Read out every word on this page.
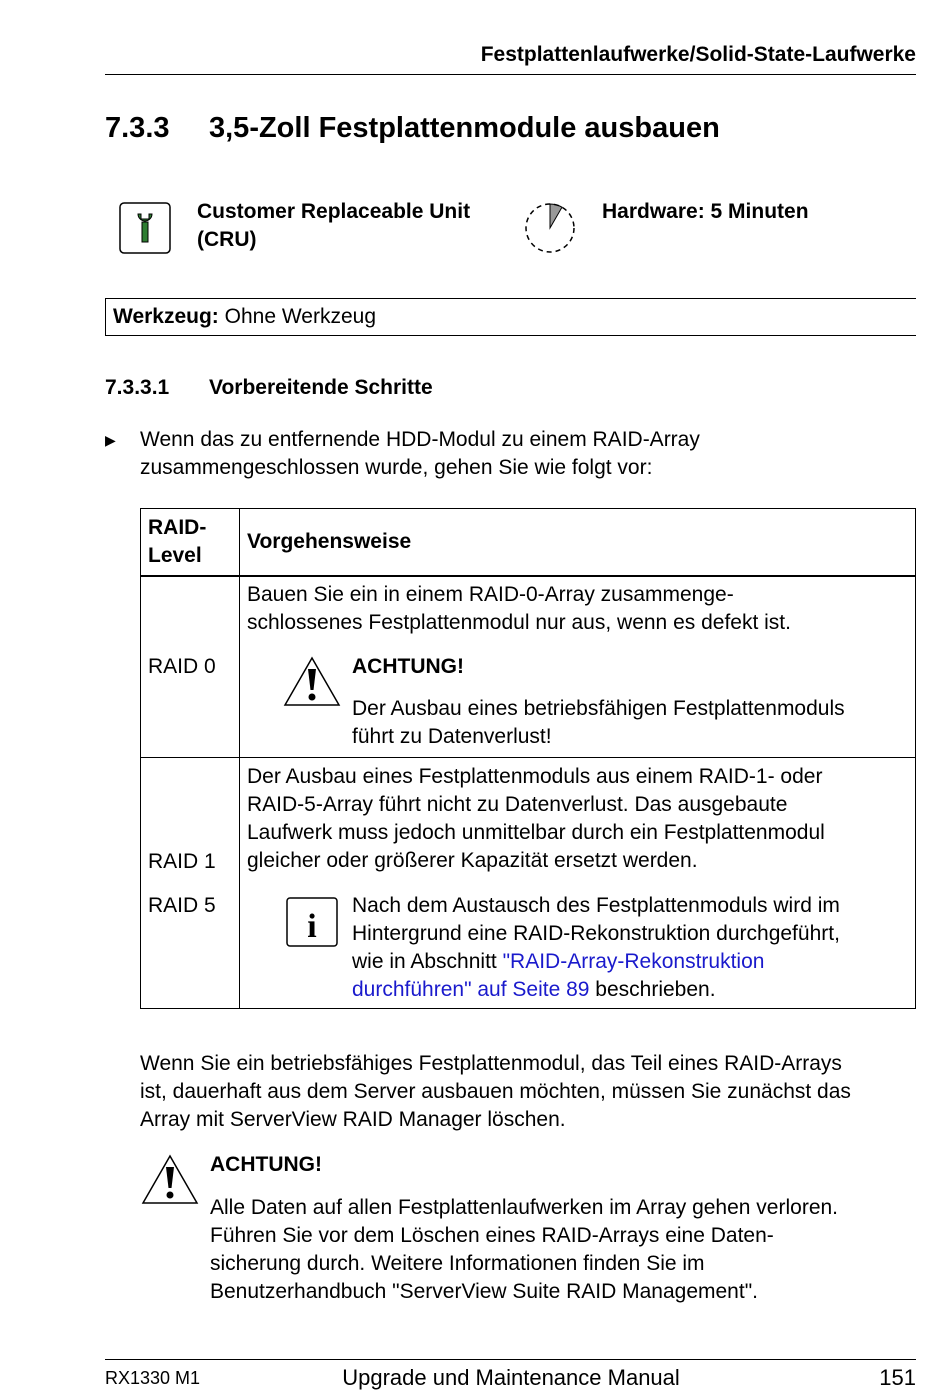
Festplattenlaufwerke/Solid-State-Laufwerke
7.3.3 3,5-Zoll Festplattenmodule ausbauen
Customer Replaceable Unit
(CRU)
Hardware: 5 Minuten
Werkzeug: Ohne Werkzeug
7.3.3.1 Vorbereitende Schritte
▶ Wenn das zu entfernende HDD-Modul zu einem RAID-Array
zusammengeschlossen wurde, gehen Sie wie folgt vor:
RAID-
Level
Vorgehensweise
RAID 0
Bauen Sie ein in einem RAID-0-Array zusammenge-
schlossenes Festplattenmodul nur aus, wenn es defekt ist.
ACHTUNG!
Der Ausbau eines betriebsfähigen Festplattenmoduls
führt zu Datenverlust!
RAID 1
RAID 5
Der Ausbau eines Festplattenmoduls aus einem RAID-1- oder
RAID-5-Array führt nicht zu Datenverlust. Das ausgebaute
Laufwerk muss jedoch unmittelbar durch ein Festplattenmodul
gleicher oder größerer Kapazität ersetzt werden.
i
Nach dem Austausch des Festplattenmoduls wird im
Hintergrund eine RAID-Rekonstruktion durchgeführt,
wie in Abschnitt "RAID-Array-Rekonstruktion
durchführen" auf Seite 89 beschrieben.
Wenn Sie ein betriebsfähiges Festplattenmodul, das Teil eines RAID-Arrays
ist, dauerhaft aus dem Server ausbauen möchten, müssen Sie zunächst das
Array mit ServerView RAID Manager löschen.
ACHTUNG!
Alle Daten auf allen Festplattenlaufwerken im Array gehen verloren.
Führen Sie vor dem Löschen eines RAID-Arrays eine Daten-
sicherung durch. Weitere Informationen finden Sie im
Benutzerhandbuch "ServerView Suite RAID Management".
RX1330 M1	Upgrade und Maintenance Manual	151
